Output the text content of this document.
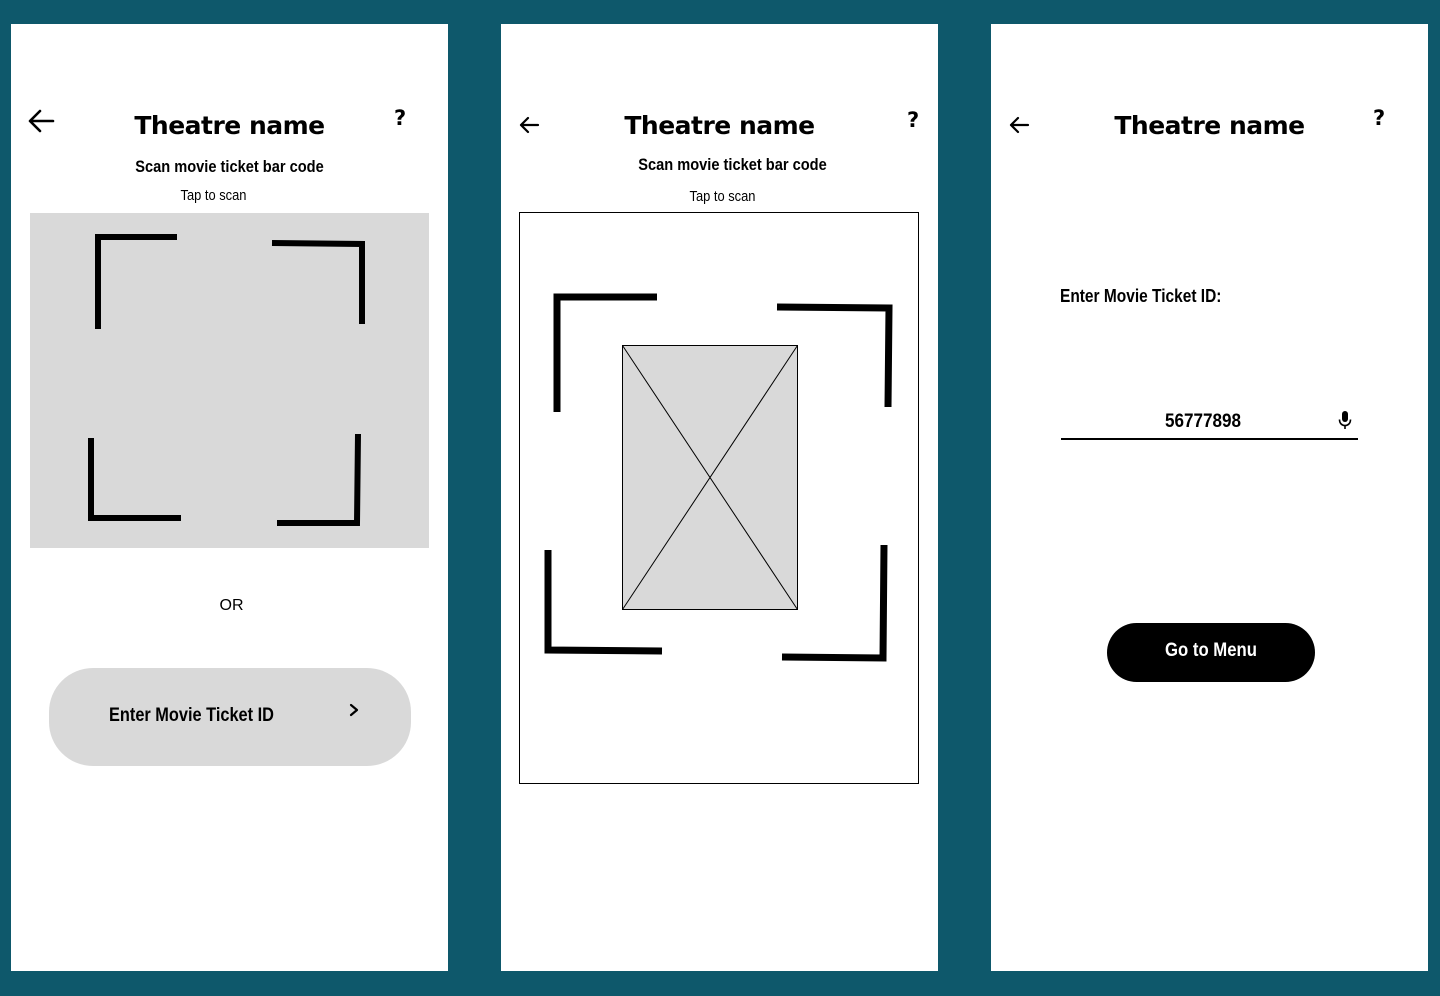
Theatre name	?
Scan movie ticket bar code
Tap to scan
OR
Enter Movie Ticket ID
Theatre name	?
Scan movie ticket bar code
Tap to scan
Theatre name	?
Enter Movie Ticket ID:
56777898
Go to Menu
